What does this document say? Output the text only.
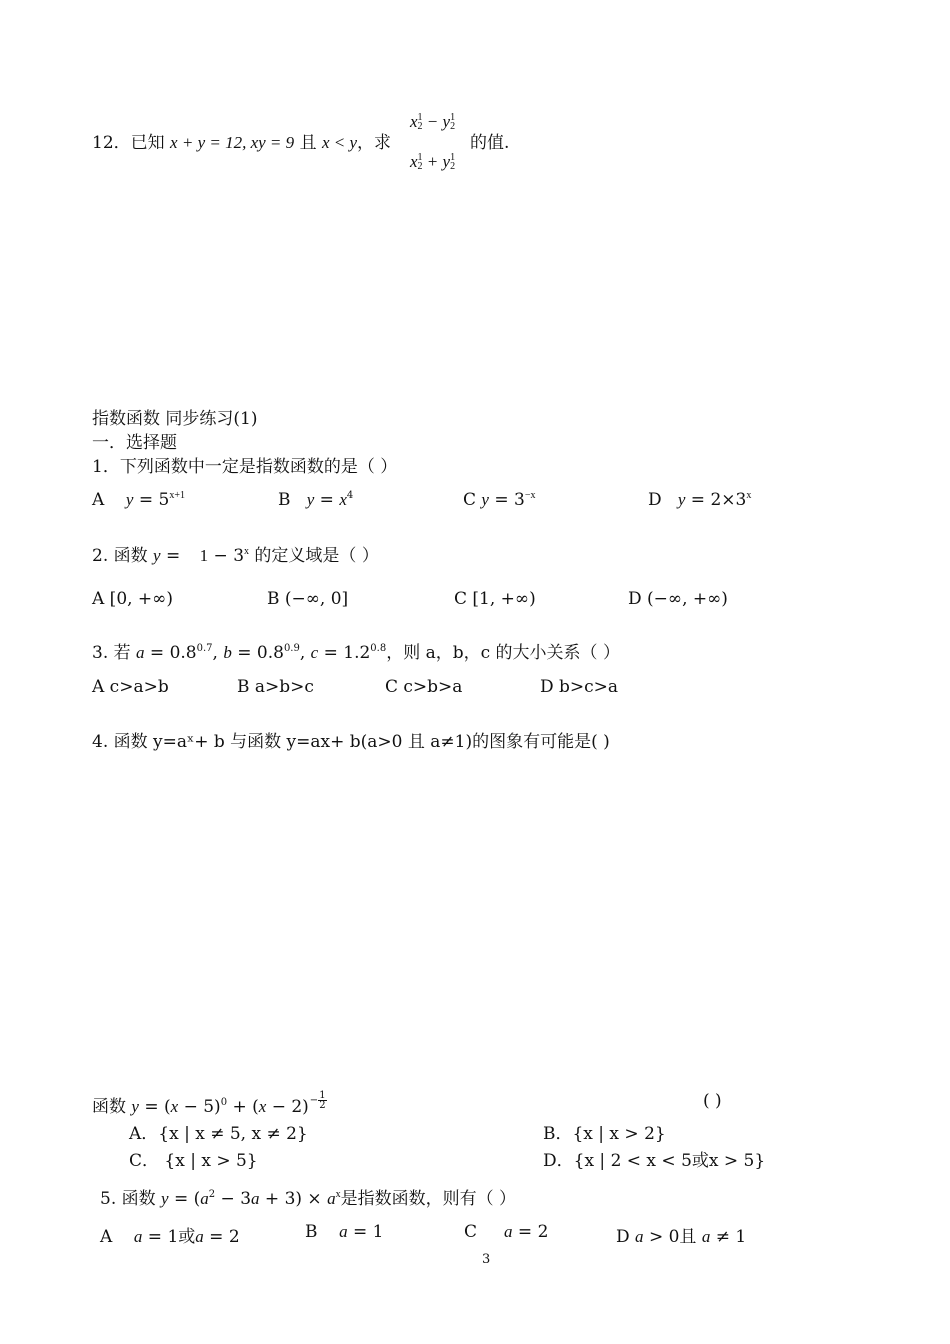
12．已知 x + y = 12, xy = 9 且 x < y，求
$x^12 - y^12$
$x^12 + y^12$
的值.
指数函数 同步练习(1)
一．选择题
1．下列函数中一定是指数函数的是（ ）
A    $y = 5^{x+1}$	B   $y = x^4$	C $y = 3^{-x}$	D   $y = 2\times 3^x$
2. 函数 $y = 1 - 3^x$ 的定义域是（ ）
A [0, +∞)	B (−∞, 0]	C [1, +∞)	D (−∞, +∞)
3. 若 $a = 0.8^{0.7}$, $b = 0.8^{0.9}$, $c = 1.2^{0.8}$，则 a，b，c 的大小关系（ ）
A c>a>b	B a>b>c	C c>b>a	D b>c>a
4. 函数 y=aˣ+ b 与函数 y=ax+ b(a>0 且 a≠1)的图象有可能是( )
函数 $y = (x - 5)^0 + (x - 2)- \frac{1}{2}$	( )
A．{x | x ≠ 5, x ≠ 2}	B．{x | x > 2}
C． {x | x > 5}	D．{x | 2 < x < 5或x > 5}
5. 函数 $y = (a^2 - 3a + 3) \times a^x$是指数函数，则有（ ）
A    a = 1或a = 2	B    a = 1	C     a = 2	D a > 0且 a ≠ 1
3
